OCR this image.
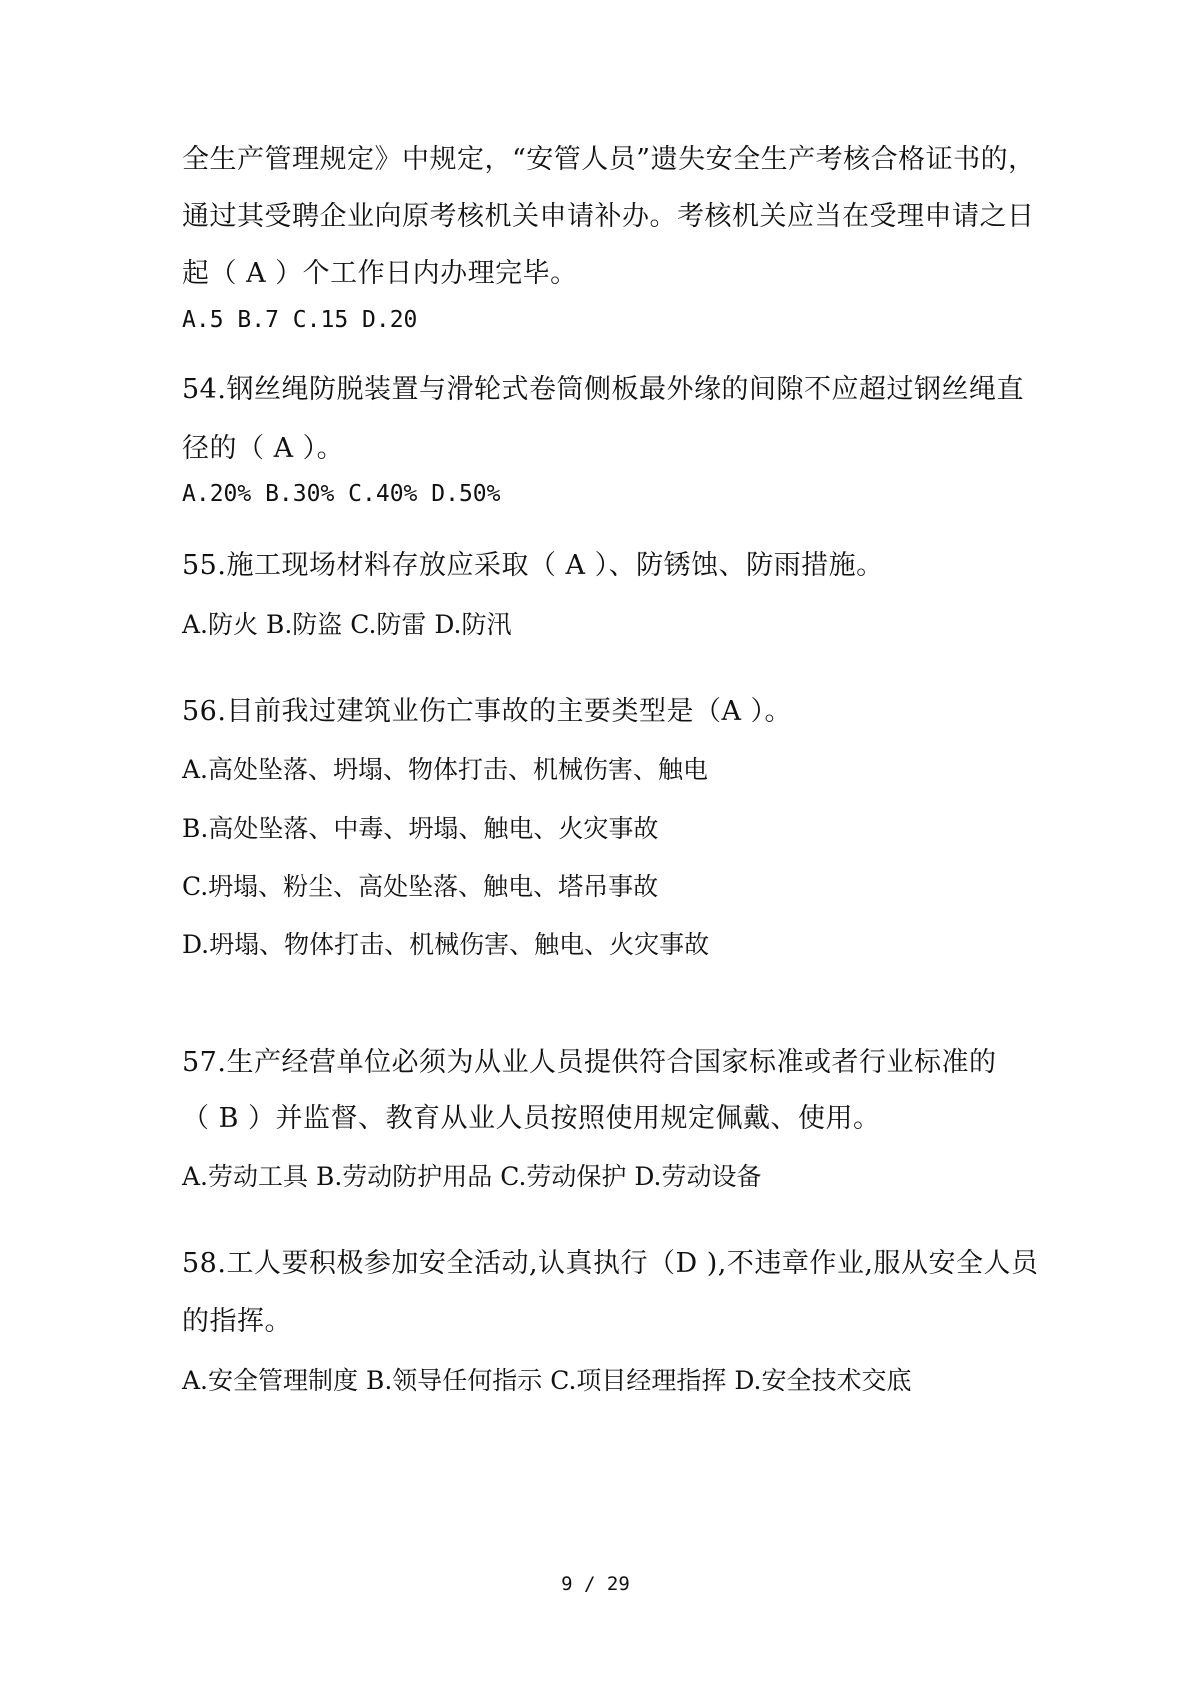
全生产管理规定》中规定，“安管人员”遗失安全生产考核合格证书的，
通过其受聘企业向原考核机关申请补办。考核机关应当在受理申请之日
起（ A ）个工作日内办理完毕。
A.5 B.7 C.15 D.20
54.钢丝绳防脱装置与滑轮式卷筒侧板最外缘的间隙不应超过钢丝绳直
径的（ A ）。
A.20% B.30% C.40% D.50%
55.施工现场材料存放应采取（ A ）、防锈蚀、防雨措施。
A.防火 B.防盗 C.防雷 D.防汛
56.目前我过建筑业伤亡事故的主要类型是（A ）。
A.高处坠落、坍塌、物体打击、机械伤害、触电
B.高处坠落、中毒、坍塌、触电、火灾事故
C.坍塌、粉尘、高处坠落、触电、塔吊事故
D.坍塌、物体打击、机械伤害、触电、火灾事故
57.生产经营单位必须为从业人员提供符合国家标准或者行业标准的
（ B ）并监督、教育从业人员按照使用规定佩戴、使用。
A.劳动工具 B.劳动防护用品 C.劳动保护 D.劳动设备
58.工人要积极参加安全活动,认真执行（D ),不违章作业,服从安全人员
的指挥。
A.安全管理制度 B.领导任何指示 C.项目经理指挥 D.安全技术交底
9 / 29
